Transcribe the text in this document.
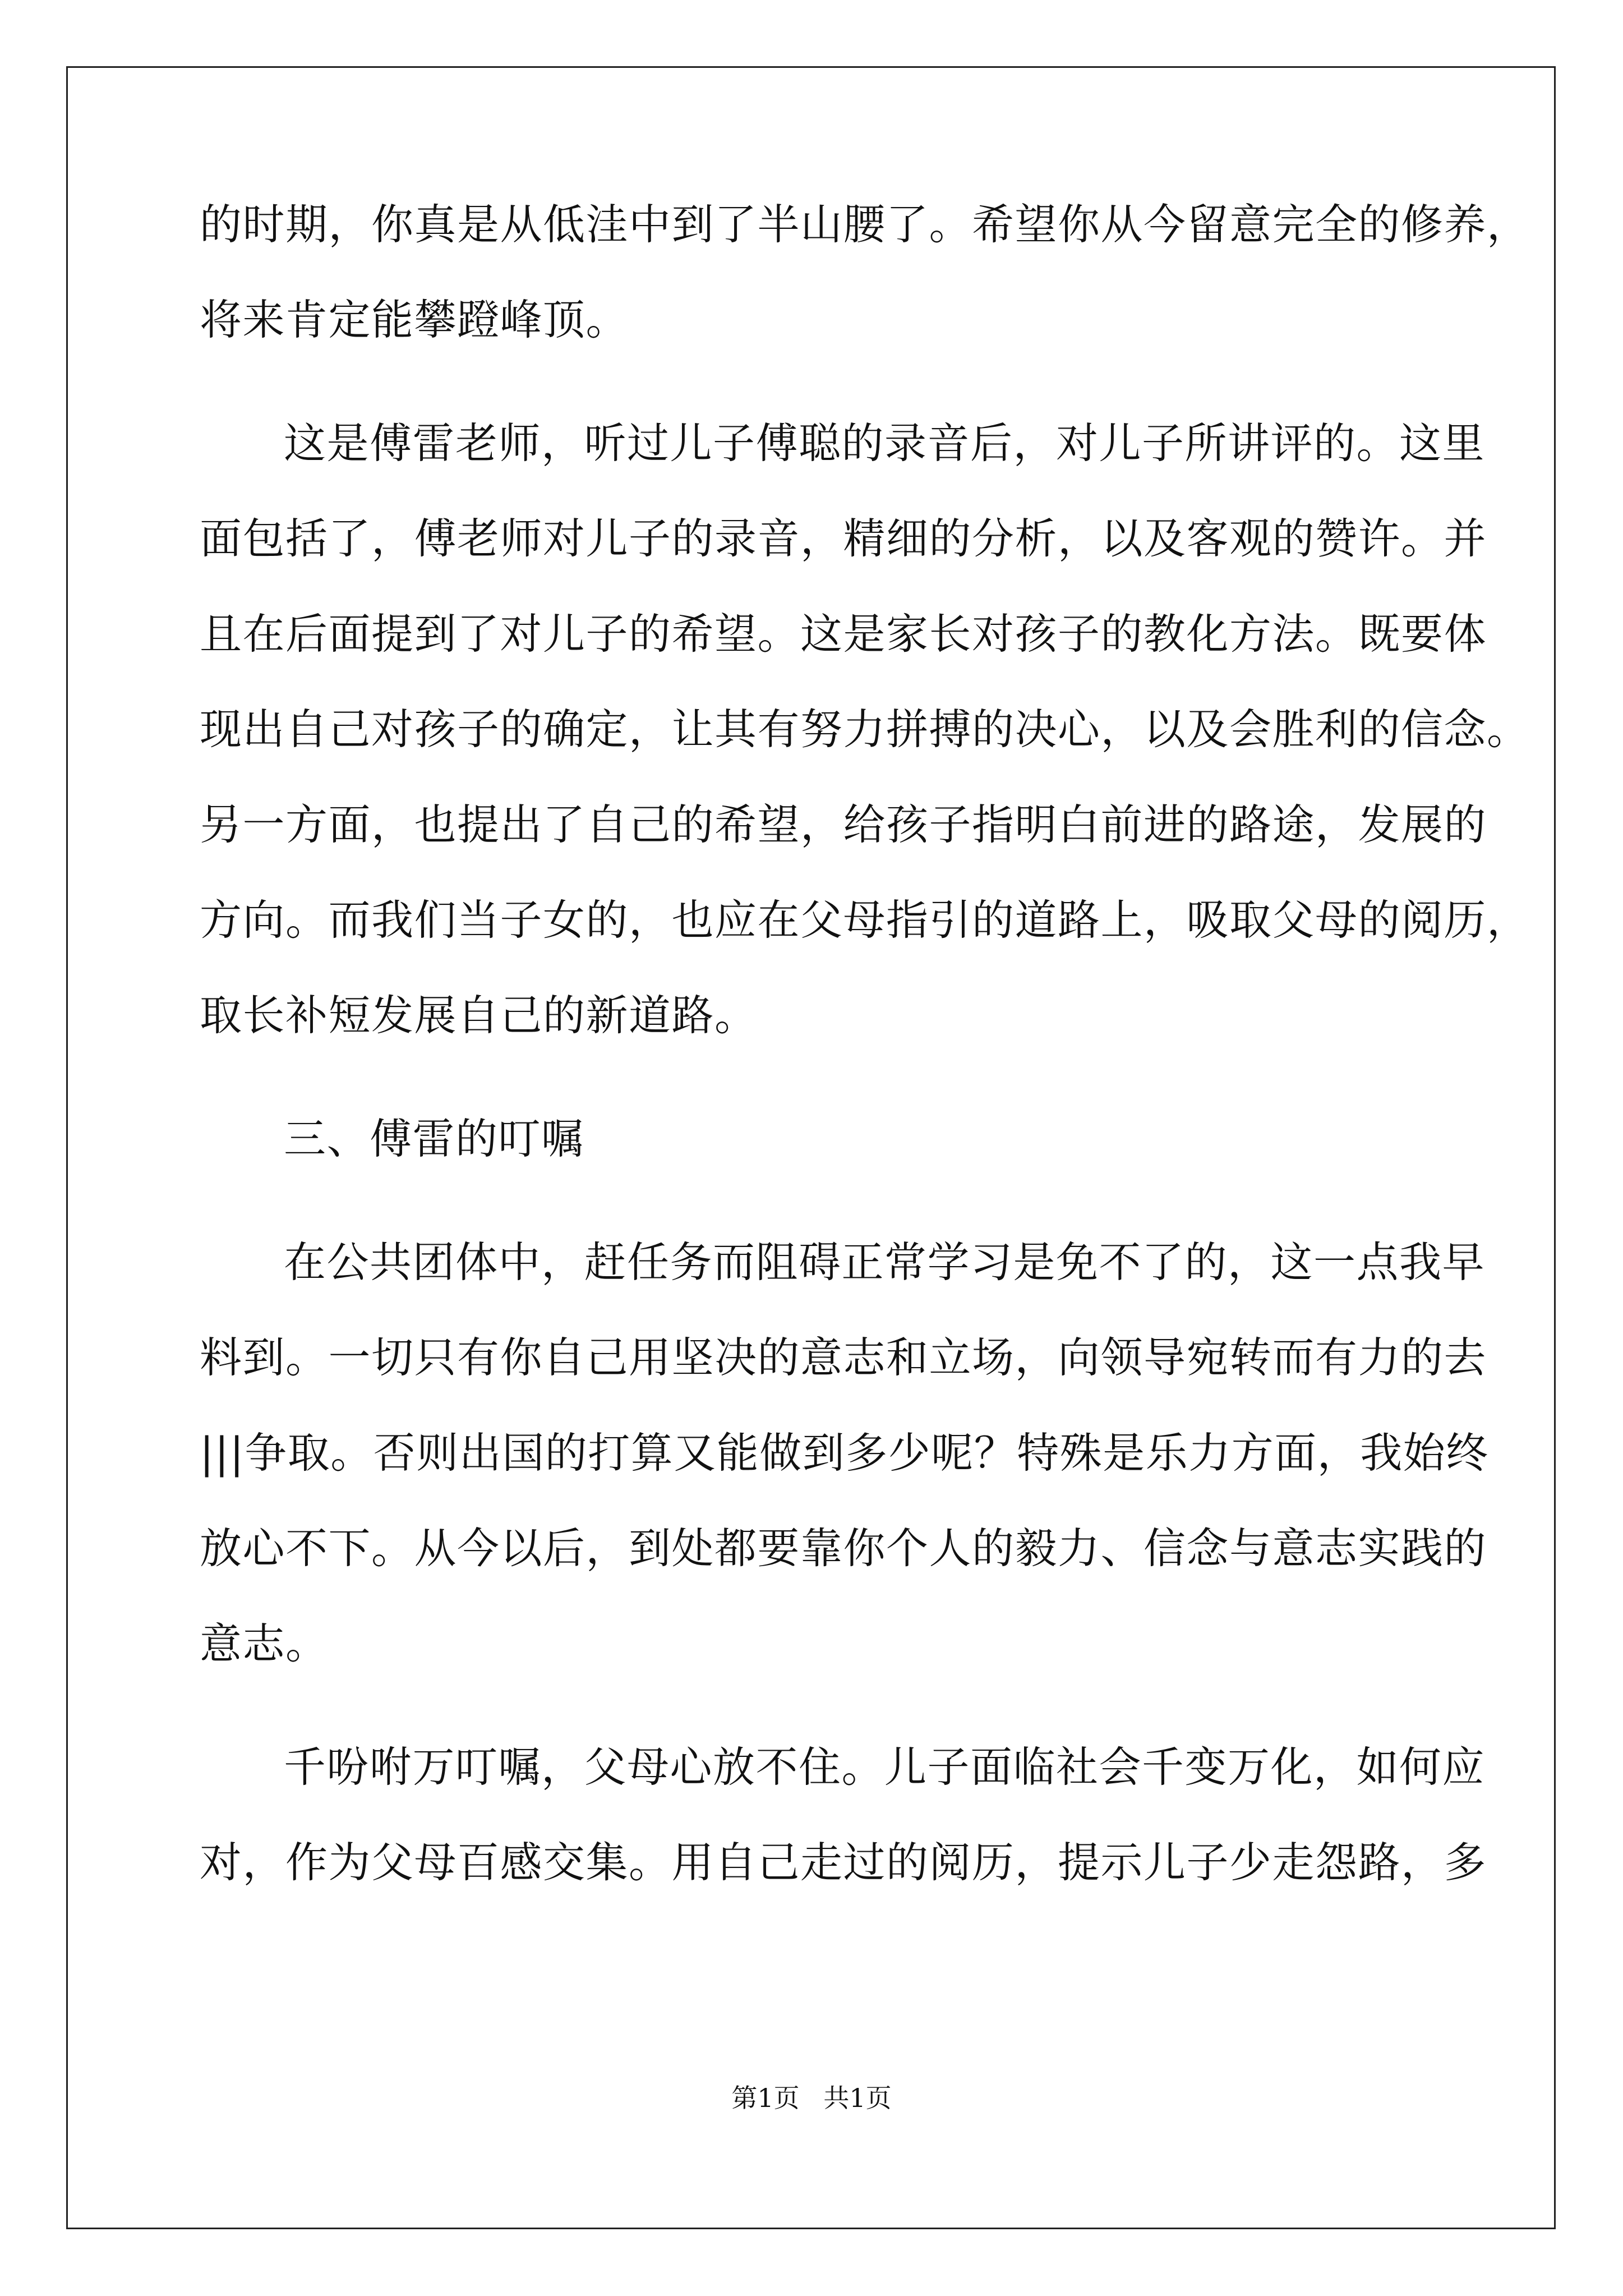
的时期，你真是从低洼中到了半山腰了。希望你从今留意完全的修养，
将来肯定能攀蹬峰顶。
这是傅雷老师，听过儿子傅聪的录音后，对儿子所讲评的。这里
面包括了，傅老师对儿子的录音，精细的分析，以及客观的赞许。并
且在后面提到了对儿子的希望。这是家长对孩子的教化方法。既要体
现出自己对孩子的确定，让其有努力拼搏的决心，以及会胜利的信念。
另一方面，也提出了自己的希望，给孩子指明白前进的路途，发展的
方向。而我们当子女的，也应在父母指引的道路上，吸取父母的阅历，
取长补短发展自己的新道路。
三、傅雷的叮嘱
在公共团体中，赶任务而阻碍正常学习是免不了的，这一点我早
料到。一切只有你自己用坚决的意志和立场，向领导宛转而有力的去
|||争取。否则出国的打算又能做到多少呢？特殊是乐力方面，我始终
放心不下。从今以后，到处都要靠你个人的毅力、信念与意志实践的
意志。
千吩咐万叮嘱，父母心放不住。儿子面临社会千变万化，如何应
对，作为父母百感交集。用自己走过的阅历，提示儿子少走怨路，多
第1页 共1页
